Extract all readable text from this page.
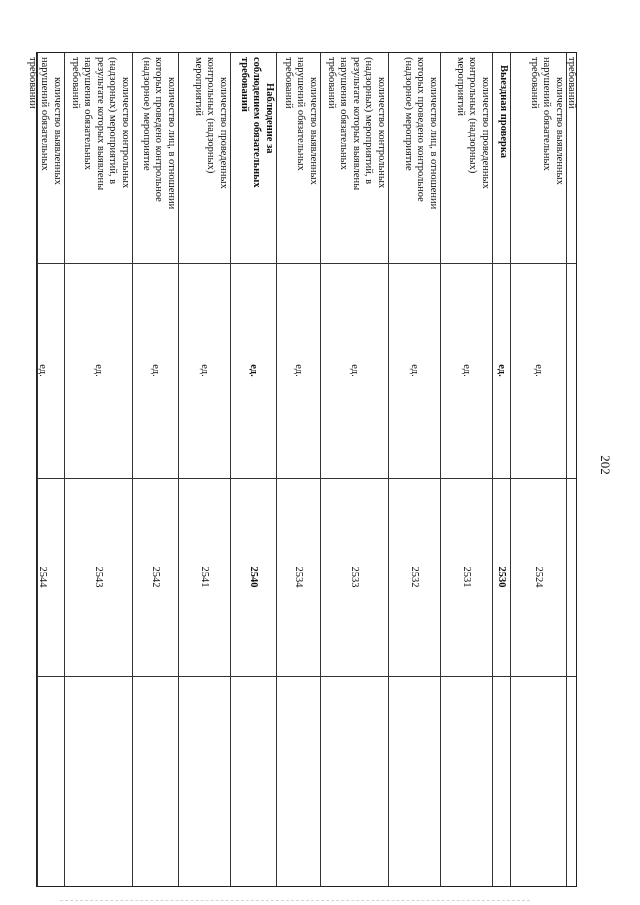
202
требований
количество выявленных
нарушений обязательных
требований
ед.
2524
Выездная проверка
ед.
2530
количество проведенных
контрольных (надзорных)
мероприятий
ед.
2531
количество лиц, в отношении
которых проведено контрольное
(надзорное) мероприятие
ед.
2532
количество контрольных
(надзорных) мероприятий, в
результате которых выявлены
нарушения обязательных
требований
ед.
2533
количество выявленных
нарушений обязательных
требований
ед.
2534
Наблюдение за
соблюдением обязательных
требований
ед.
2540
количество проведенных
контрольных (надзорных)
мероприятий
ед.
2541
количество лиц, в отношении
которых проведено контрольное
(надзорное) мероприятие
ед.
2542
количество контрольных
(надзорных) мероприятий, в
результате которых выявлены
нарушения обязательных
требований
ед.
2543
количество выявленных
нарушений обязательных
требований
ед.
2544
